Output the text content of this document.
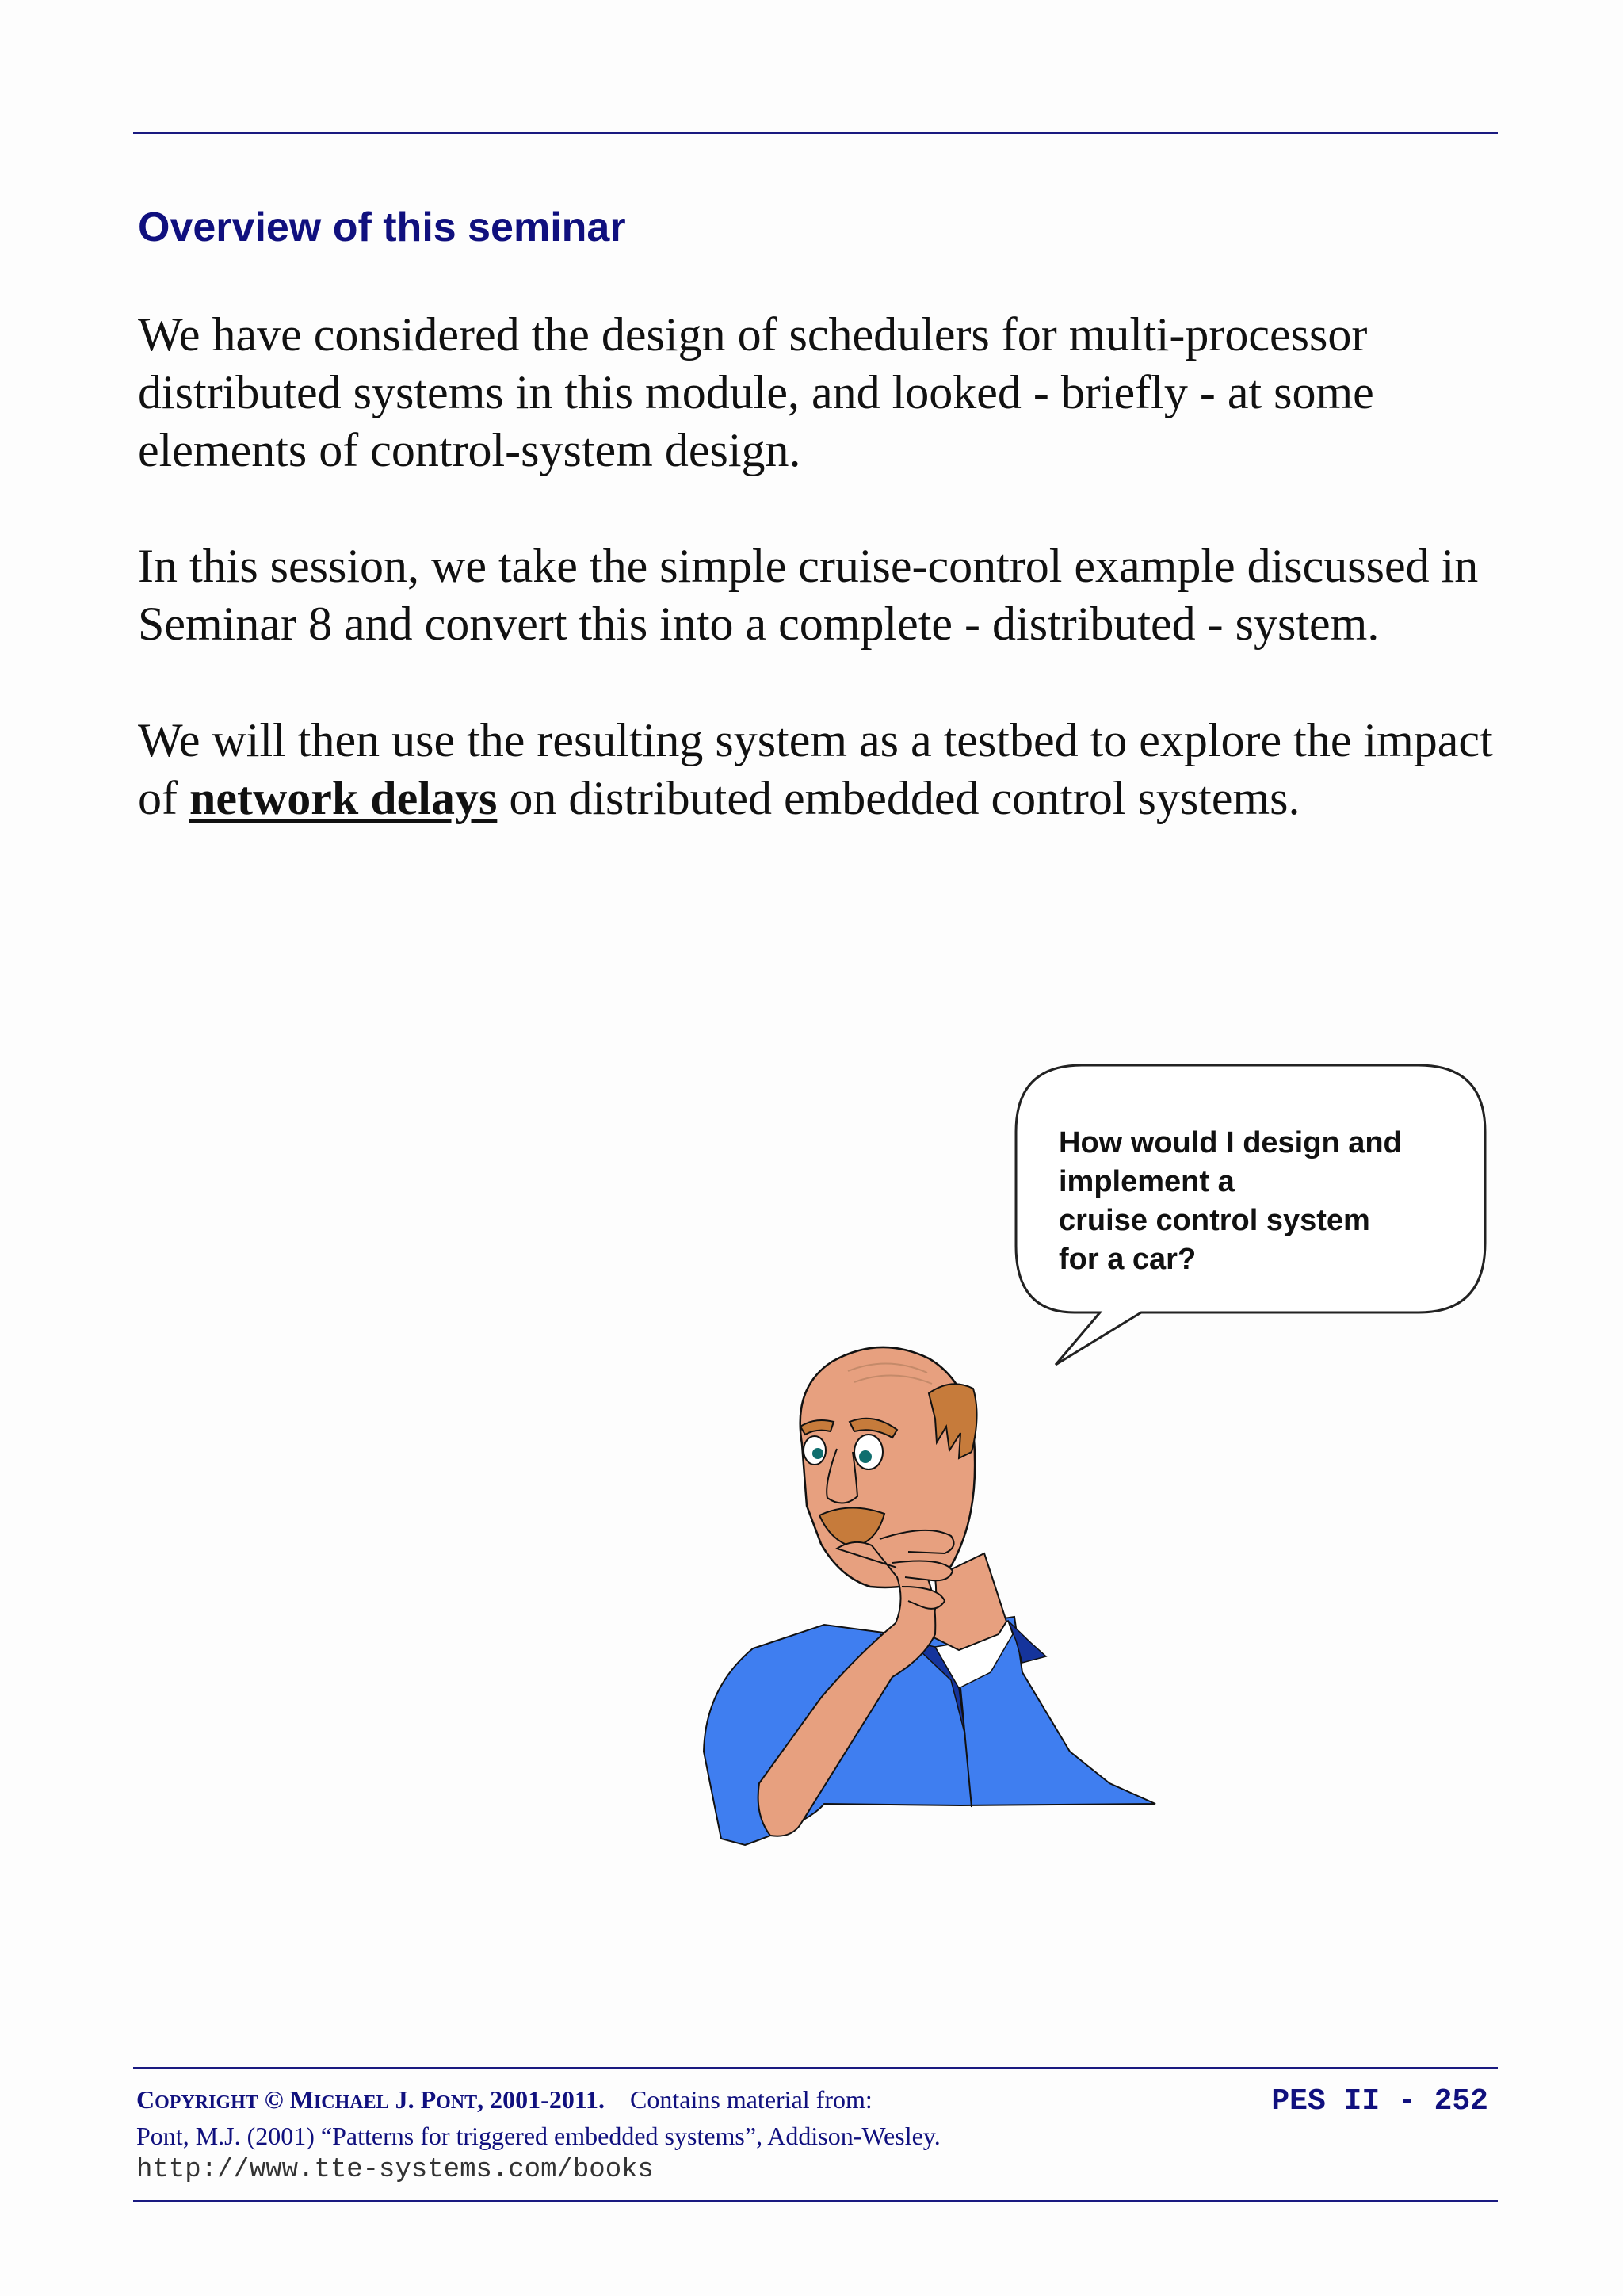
Overview of this seminar

We have considered the design of schedulers for multi-processor distributed systems in this module, and looked - briefly - at some elements of control-system design.

In this session, we take the simple cruise-control example discussed in Seminar 8 and convert this into a complete - distributed - system.

We will then use the resulting system as a testbed to explore the impact of network delays on distributed embedded control systems.

How would I design and
implement a
cruise control system
for a car?

COPYRIGHT © MICHAEL J. PONT, 2001-2011. Contains material from:
Pont, M.J. (2001) “Patterns for triggered embedded systems”, Addison-Wesley.
http://www.tte-systems.com/books
PES II - 252
